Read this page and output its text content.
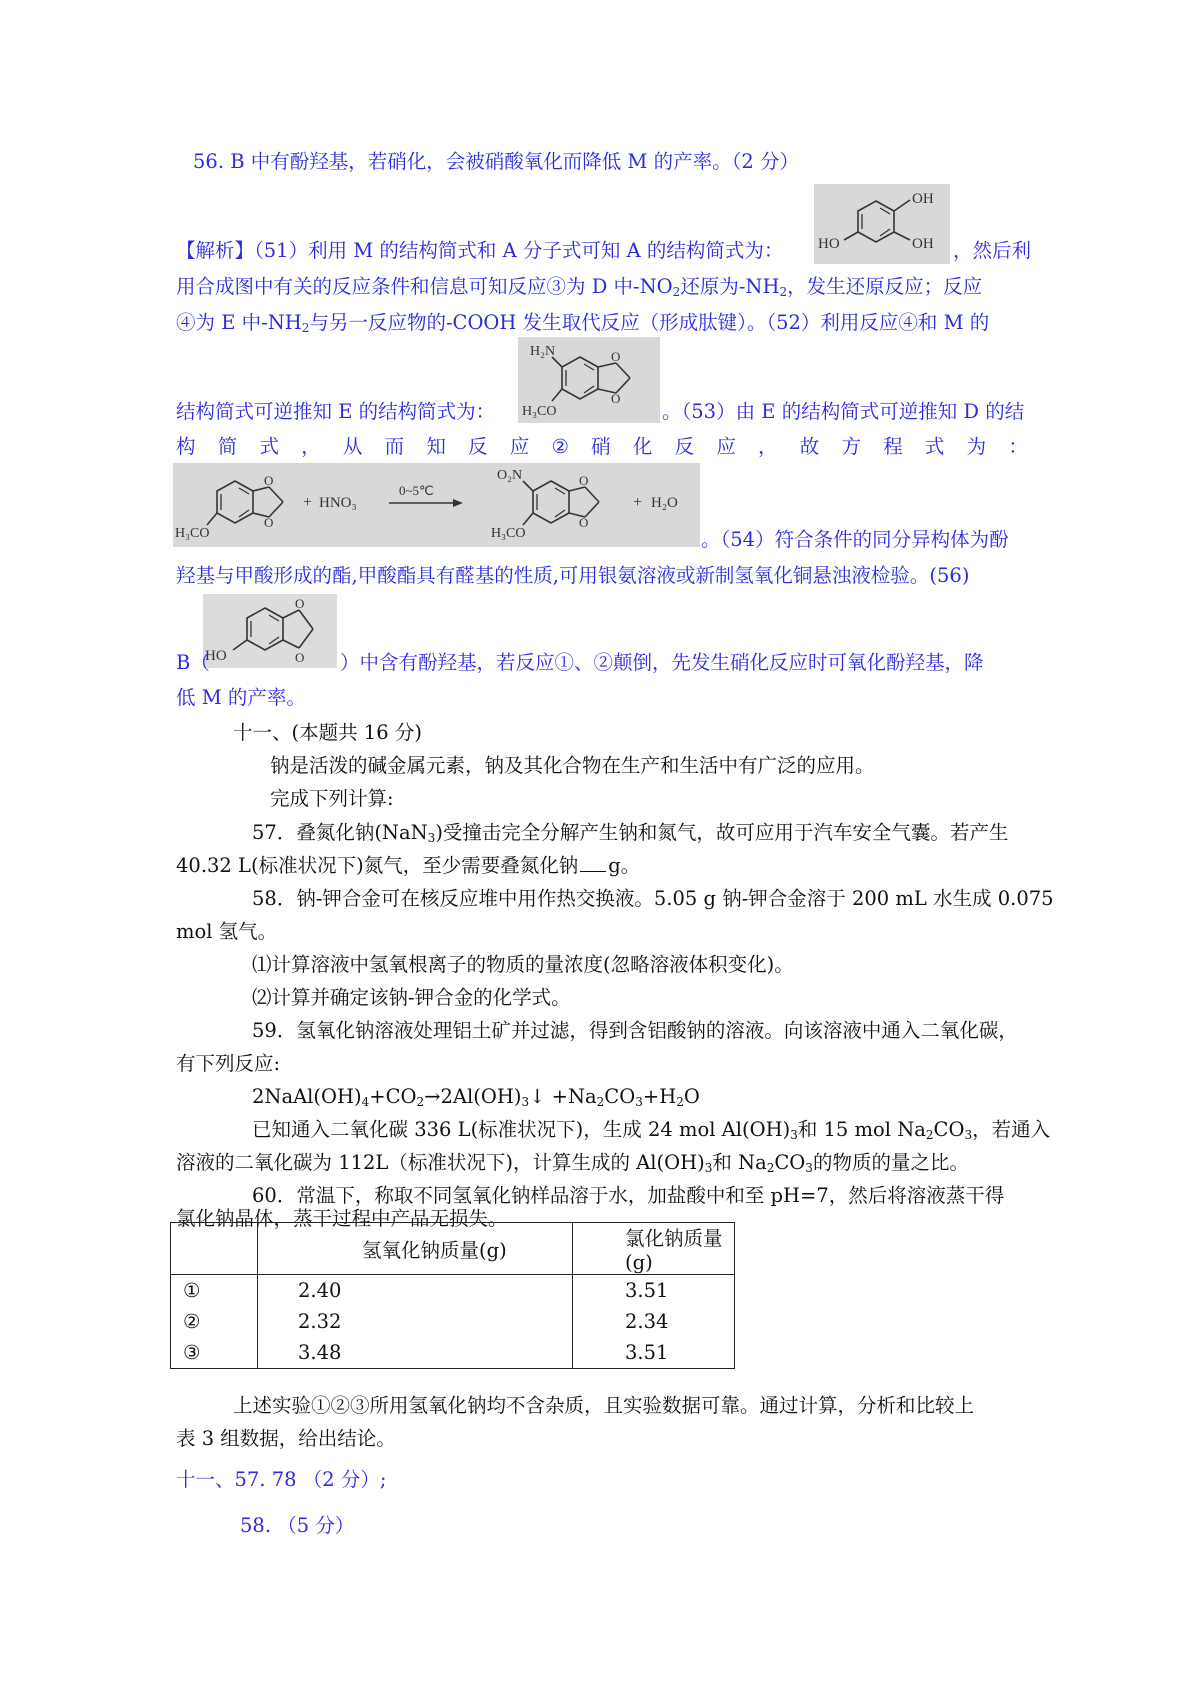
56. B 中有酚羟基，若硝化，会被硝酸氧化而降低 M 的产率。（2 分）
OH
OH
HO
【解析】（51）利用 M 的结构简式和 A 分子式可知 A 的结构简式为：	，然后利
用合成图中有关的反应条件和信息可知反应③为 D 中$-NO_2$还原为$-NH_2$，发生还原反应；反应
④为 E 中$-NH_2$与另一反应物的-COOH 发生取代反应（形成肽键）。（52）利用反应④和 M 的
H₂N
H₃CO
O
O
结构简式可逆推知 E 的结构简式为：	。（53）由 E 的结构简式可逆推知 D 的结
构 简 式 ， 从 而 知 反 应 ② 硝 化 反 应 ， 故 方 程 式 为 ：
O
O
H₃CO
+ HNO₃
0~5℃
O
O
O₂N
H₃CO
+ H₂O
。（54）符合条件的同分异构体为酚
羟基与甲酸形成的酯,甲酸酯具有醛基的性质,可用银氨溶液或新制氢氧化铜悬浊液检验。(56)
O
O
HO
B（	）中含有酚羟基，若反应①、②颠倒，先发生硝化反应时可氧化酚羟基，降
低 M 的产率。
十一、(本题共 16 分)
钠是活泼的碱金属元素，钠及其化合物在生产和生活中有广泛的应用。
完成下列计算:
57．叠氮化钠(NaN$_3$)受撞击完全分解产生钠和氮气，故可应用于汽车安全气囊。若产生
40.32 L(标准状况下)氮气，至少需要叠氮化钠 g。
58．钠-钾合金可在核反应堆中用作热交换液。5.05 g 钠-钾合金溶于 200 mL 水生成 0.075
mol 氢气。
⑴计算溶液中氢氧根离子的物质的量浓度(忽略溶液体积变化)。
⑵计算并确定该钠-钾合金的化学式。
59．氢氧化钠溶液处理铝土矿并过滤，得到含铝酸钠的溶液。向该溶液中通入二氧化碳，
有下列反应:
$2NaAl(OH)_4+CO_2\to 2Al(OH)_3↓ +Na_2CO_3+H_2O$
已知通入二氧化碳 336 L(标准状况下)，生成 24 mol $Al(OH)_3$和 15 mol $Na_2CO_3$，若通入
溶液的二氧化碳为 112L（标准状况下)，计算生成的 $Al(OH)_3$和 $Na_2CO_3$的物质的量之比。
60．常温下，称取不同氢氧化钠样品溶于水，加盐酸中和至 pH=7，然后将溶液蒸干得
氯化钠晶体，蒸干过程中产品无损失。
	氢氧化钠质量(g)	氯化钠质量(g)
①	2.40	3.51
②	2.32	2.34
③	3.48	3.51
上述实验①②③所用氢氧化钠均不含杂质，且实验数据可靠。通过计算，分析和比较上
表 3 组数据，给出结论。
十一、57. 78 （2 分）;
58. （5 分）
